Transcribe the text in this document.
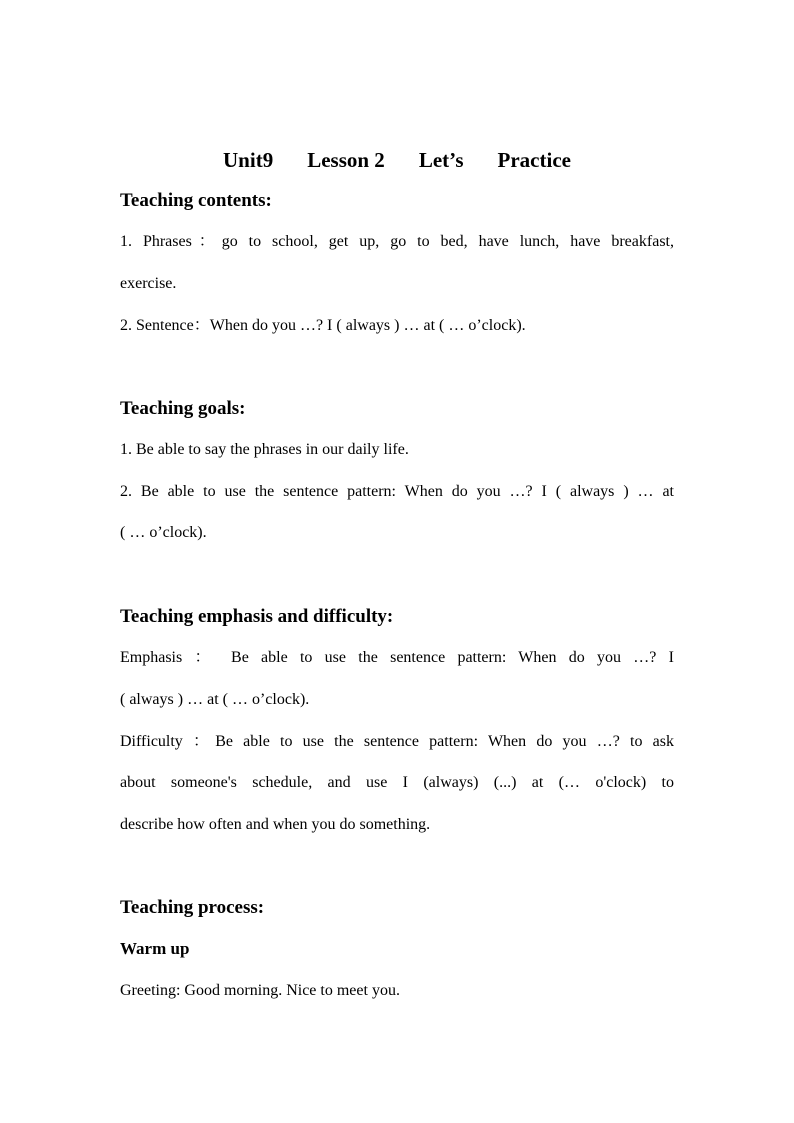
Unit9 Lesson 2 Let’s Practice
Teaching contents:
1. Phrases：go to school, get up, go to bed, have lunch, have breakfast,
exercise.
2. Sentence：When do you …? I ( always ) … at ( … o’clock).
Teaching goals:
1. Be able to say the phrases in our daily life.
2. Be able to use the sentence pattern: When do you …? I ( always ) … at
( … o’clock).
Teaching emphasis and difficulty:
Emphasis ： Be able to use the sentence pattern: When do you …? I
( always ) … at ( … o’clock).
Difficulty ：Be able to use the sentence pattern: When do you …? to ask
about someone's schedule, and use I (always) (...) at (… o'clock) to
describe how often and when you do something.
Teaching process:
Warm up
Greeting: Good morning. Nice to meet you.
